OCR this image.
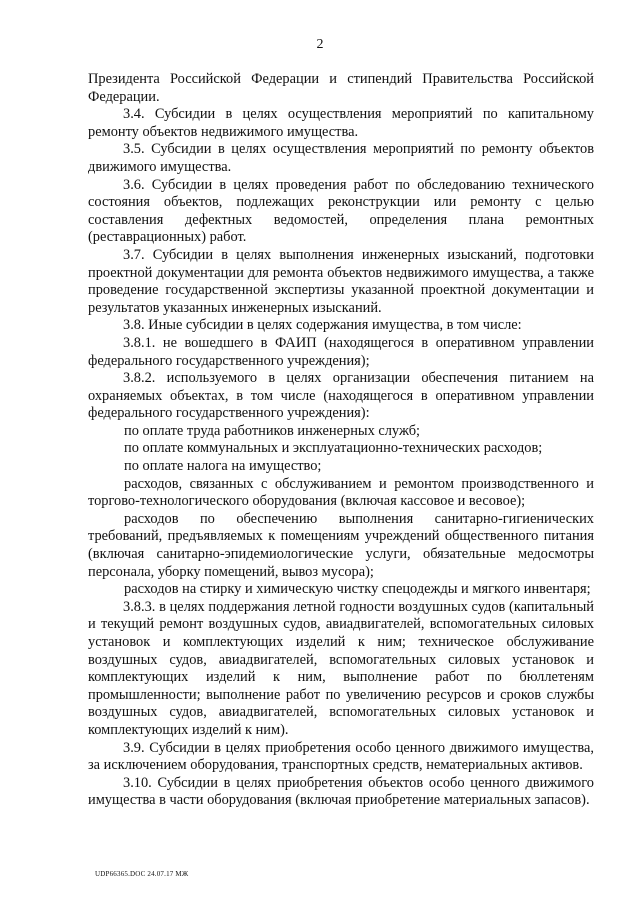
2

Президента Российской Федерации и стипендий Правительства Российской Федерации.

3.4. Субсидии в целях осуществления мероприятий по капитальному ремонту объектов недвижимого имущества.

3.5. Субсидии в целях осуществления мероприятий по ремонту объектов движимого имущества.

3.6. Субсидии в целях проведения работ по обследованию технического состояния объектов, подлежащих реконструкции или ремонту с целью составления дефектных ведомостей, определения плана ремонтных (реставрационных) работ.

3.7. Субсидии в целях выполнения инженерных изысканий, подготовки проектной документации для ремонта объектов недвижимого имущества, а также проведение государственной экспертизы указанной проектной документации и результатов указанных инженерных изысканий.

3.8. Иные субсидии в целях содержания имущества, в том числе:

3.8.1. не вошедшего в ФАИП (находящегося в оперативном управлении федерального государственного учреждения);

3.8.2. используемого в целях организации обеспечения питанием на охраняемых объектах, в том числе (находящегося в оперативном управлении федерального государственного учреждения):

по оплате труда работников инженерных служб;

по оплате коммунальных и эксплуатационно-технических расходов;

по оплате налога на имущество;

расходов, связанных с обслуживанием и ремонтом производственного и торгово-технологического оборудования (включая кассовое и весовое);

расходов по обеспечению выполнения санитарно-гигиенических требований, предъявляемых к помещениям учреждений общественного питания (включая санитарно-эпидемиологические услуги, обязательные медосмотры персонала, уборку помещений, вывоз мусора);

расходов на стирку и химическую чистку спецодежды и мягкого инвентаря;

3.8.3. в целях поддержания летной годности воздушных судов (капитальный и текущий ремонт воздушных судов, авиадвигателей, вспомогательных силовых установок и комплектующих изделий к ним; техническое обслуживание воздушных судов, авиадвигателей, вспомогательных силовых установок и комплектующих изделий к ним, выполнение работ по бюллетеням промышленности; выполнение работ по увеличению ресурсов и сроков службы воздушных судов, авиадвигателей, вспомогательных силовых установок и комплектующих изделий к ним).

3.9. Субсидии в целях приобретения особо ценного движимого имущества, за исключением оборудования, транспортных средств, нематериальных активов.

3.10. Субсидии в целях приобретения объектов особо ценного движимого имущества в части оборудования (включая приобретение материальных запасов).

UDP66365.DOC 24.07.17 МЖ
